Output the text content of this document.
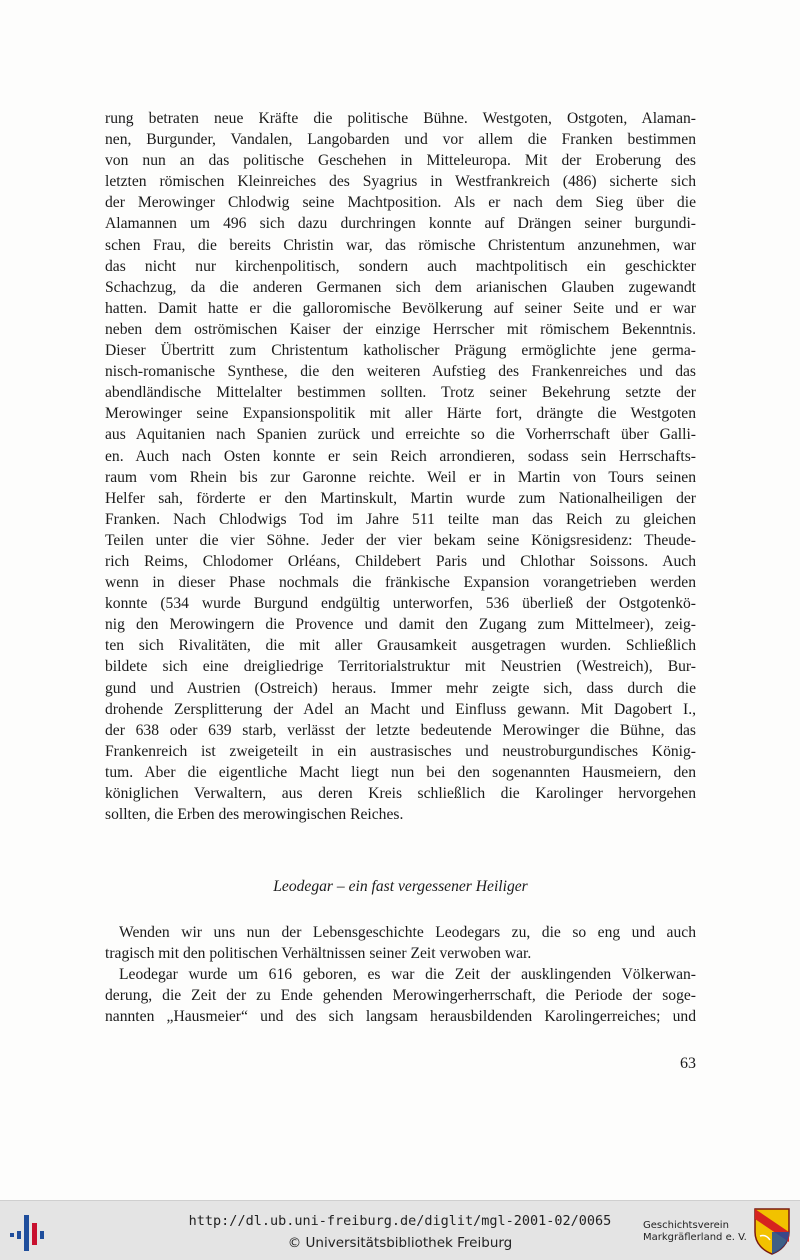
rung betraten neue Kräfte die politische Bühne. Westgoten, Ostgoten, Alaman-
nen, Burgunder, Vandalen, Langobarden und vor allem die Franken bestimmen
von nun an das politische Geschehen in Mitteleuropa. Mit der Eroberung des
letzten römischen Kleinreiches des Syagrius in Westfrankreich (486) sicherte sich
der Merowinger Chlodwig seine Machtposition. Als er nach dem Sieg über die
Alamannen um 496 sich dazu durchringen konnte auf Drängen seiner burgundi-
schen Frau, die bereits Christin war, das römische Christentum anzunehmen, war
das nicht nur kirchenpolitisch, sondern auch machtpolitisch ein geschickter
Schachzug, da die anderen Germanen sich dem arianischen Glauben zugewandt
hatten. Damit hatte er die galloromische Bevölkerung auf seiner Seite und er war
neben dem oströmischen Kaiser der einzige Herrscher mit römischem Bekenntnis.
Dieser Übertritt zum Christentum katholischer Prägung ermöglichte jene germa-
nisch-romanische Synthese, die den weiteren Aufstieg des Frankenreiches und das
abendländische Mittelalter bestimmen sollten. Trotz seiner Bekehrung setzte der
Merowinger seine Expansionspolitik mit aller Härte fort, drängte die Westgoten
aus Aquitanien nach Spanien zurück und erreichte so die Vorherrschaft über Galli-
en. Auch nach Osten konnte er sein Reich arrondieren, sodass sein Herrschafts-
raum vom Rhein bis zur Garonne reichte. Weil er in Martin von Tours seinen
Helfer sah, förderte er den Martinskult, Martin wurde zum Nationalheiligen der
Franken. Nach Chlodwigs Tod im Jahre 511 teilte man das Reich zu gleichen
Teilen unter die vier Söhne. Jeder der vier bekam seine Königsresidenz: Theude-
rich Reims, Chlodomer Orléans, Childebert Paris und Chlothar Soissons. Auch
wenn in dieser Phase nochmals die fränkische Expansion vorangetrieben werden
konnte (534 wurde Burgund endgültig unterworfen, 536 überließ der Ostgotenkö-
nig den Merowingern die Provence und damit den Zugang zum Mittelmeer), zeig-
ten sich Rivalitäten, die mit aller Grausamkeit ausgetragen wurden. Schließlich
bildete sich eine dreigliedrige Territorialstruktur mit Neustrien (Westreich), Bur-
gund und Austrien (Ostreich) heraus. Immer mehr zeigte sich, dass durch die
drohende Zersplitterung der Adel an Macht und Einfluss gewann. Mit Dagobert I.,
der 638 oder 639 starb, verlässt der letzte bedeutende Merowinger die Bühne, das
Frankenreich ist zweigeteilt in ein austrasisches und neustroburgundisches König-
tum. Aber die eigentliche Macht liegt nun bei den sogenannten Hausmeiern, den
königlichen Verwaltern, aus deren Kreis schließlich die Karolinger hervorgehen
sollten, die Erben des merowingischen Reiches.
Leodegar – ein fast vergessener Heiliger
Wenden wir uns nun der Lebensgeschichte Leodegars zu, die so eng und auch
tragisch mit den politischen Verhältnissen seiner Zeit verwoben war.
Leodegar wurde um 616 geboren, es war die Zeit der ausklingenden Völkerwan-
derung, die Zeit der zu Ende gehenden Merowingerherrschaft, die Periode der soge-
nannten „Hausmeier“ und des sich langsam herausbildenden Karolingerreiches; und
63
http://dl.ub.uni-freiburg.de/diglit/mgl-2001-02/0065
© Universitätsbibliothek Freiburg
Geschichtsverein
Markgräflerland e. V.
